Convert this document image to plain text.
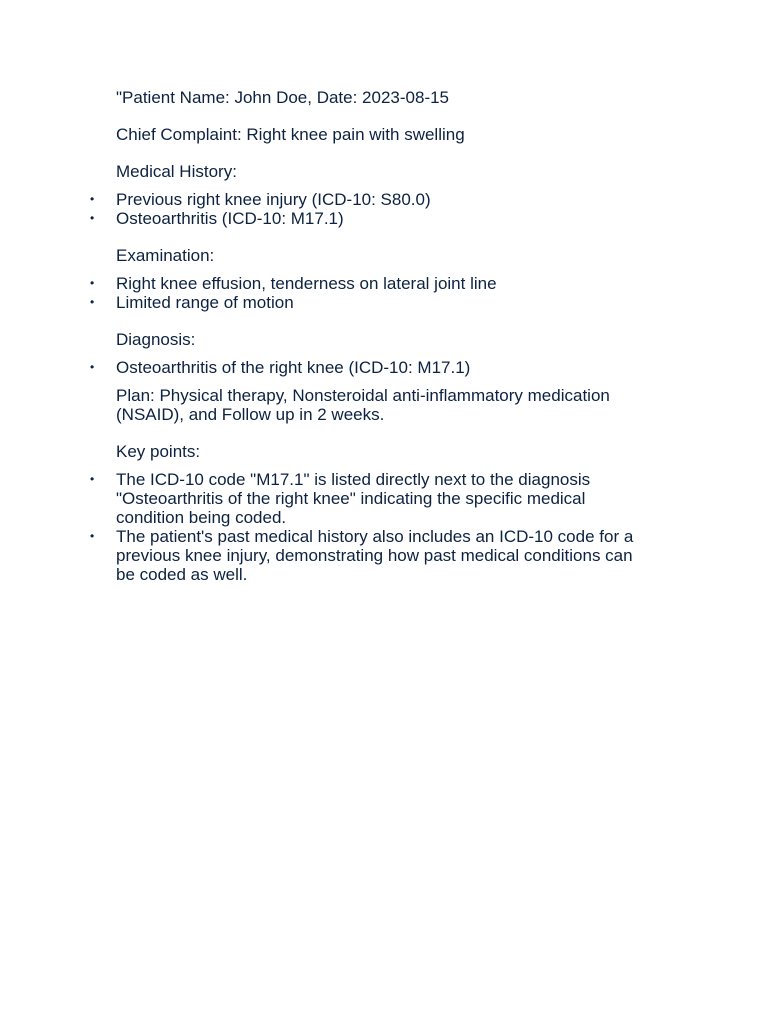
"Patient Name: John Doe, Date: 2023-08-15

Chief Complaint: Right knee pain with swelling

Medical History:

• Previous right knee injury (ICD-10: S80.0)
• Osteoarthritis (ICD-10: M17.1)

Examination:

• Right knee effusion, tenderness on lateral joint line
• Limited range of motion

Diagnosis:

• Osteoarthritis of the right knee (ICD-10: M17.1)

Plan: Physical therapy, Nonsteroidal anti-inflammatory medication (NSAID), and Follow up in 2 weeks.

Key points:

• The ICD-10 code "M17.1" is listed directly next to the diagnosis "Osteoarthritis of the right knee" indicating the specific medical condition being coded.
• The patient's past medical history also includes an ICD-10 code for a previous knee injury, demonstrating how past medical conditions can be coded as well.
